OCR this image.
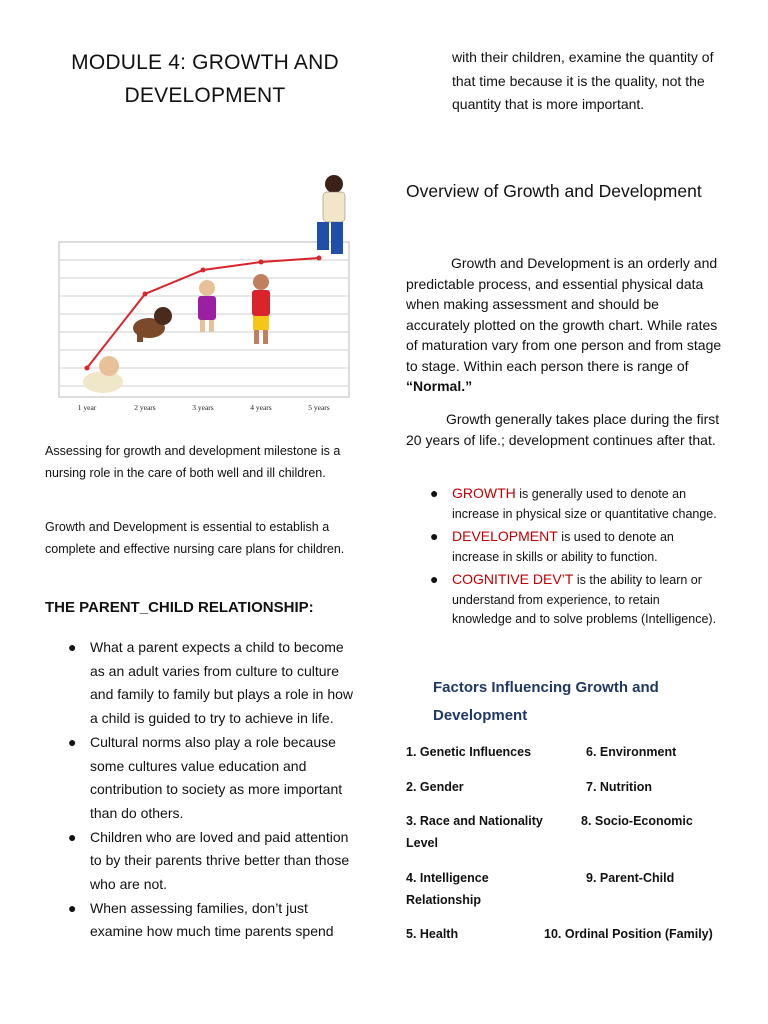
MODULE 4: GROWTH AND DEVELOPMENT
1 year	2 years	3 years	4 years	5 years
Assessing for growth and development milestone is a nursing role in the care of both well and ill children.
Growth and Development is essential to establish a complete and effective nursing care plans for children.
THE PARENT_CHILD RELATIONSHIP:
● What a parent expects a child to become as an adult varies from culture to culture and family to family but plays a role in how a child is guided to try to achieve in life.
● Cultural norms also play a role because some cultures value education and contribution to society as more important than do others.
● Children who are loved and paid attention to by their parents thrive better than those who are not.
● When assessing families, don’t just examine how much time parents spend
with their children, examine the quantity of that time because it is the quality, not the quantity that is more important.
Overview of Growth and Development
Growth and Development is an orderly and predictable process, and essential physical data when making assessment and should be accurately plotted on the growth chart. While rates of maturation vary from one person and from stage to stage. Within each person there is range of “Normal.”
Growth generally takes place during the first 20 years of life.; development continues after that.
● GROWTH is generally used to denote an increase in physical size or quantitative change.
● DEVELOPMENT is used to denote an increase in skills or ability to function.
● COGNITIVE DEV’T is the ability to learn or understand from experience, to retain knowledge and to solve problems (Intelligence).
Factors Influencing Growth and Development
1. Genetic Influences	6. Environment
2. Gender	7. Nutrition
3. Race and Nationality	8. Socio-Economic
Level
4. Intelligence	9. Parent-Child
Relationship
5. Health	10. Ordinal Position (Family)
